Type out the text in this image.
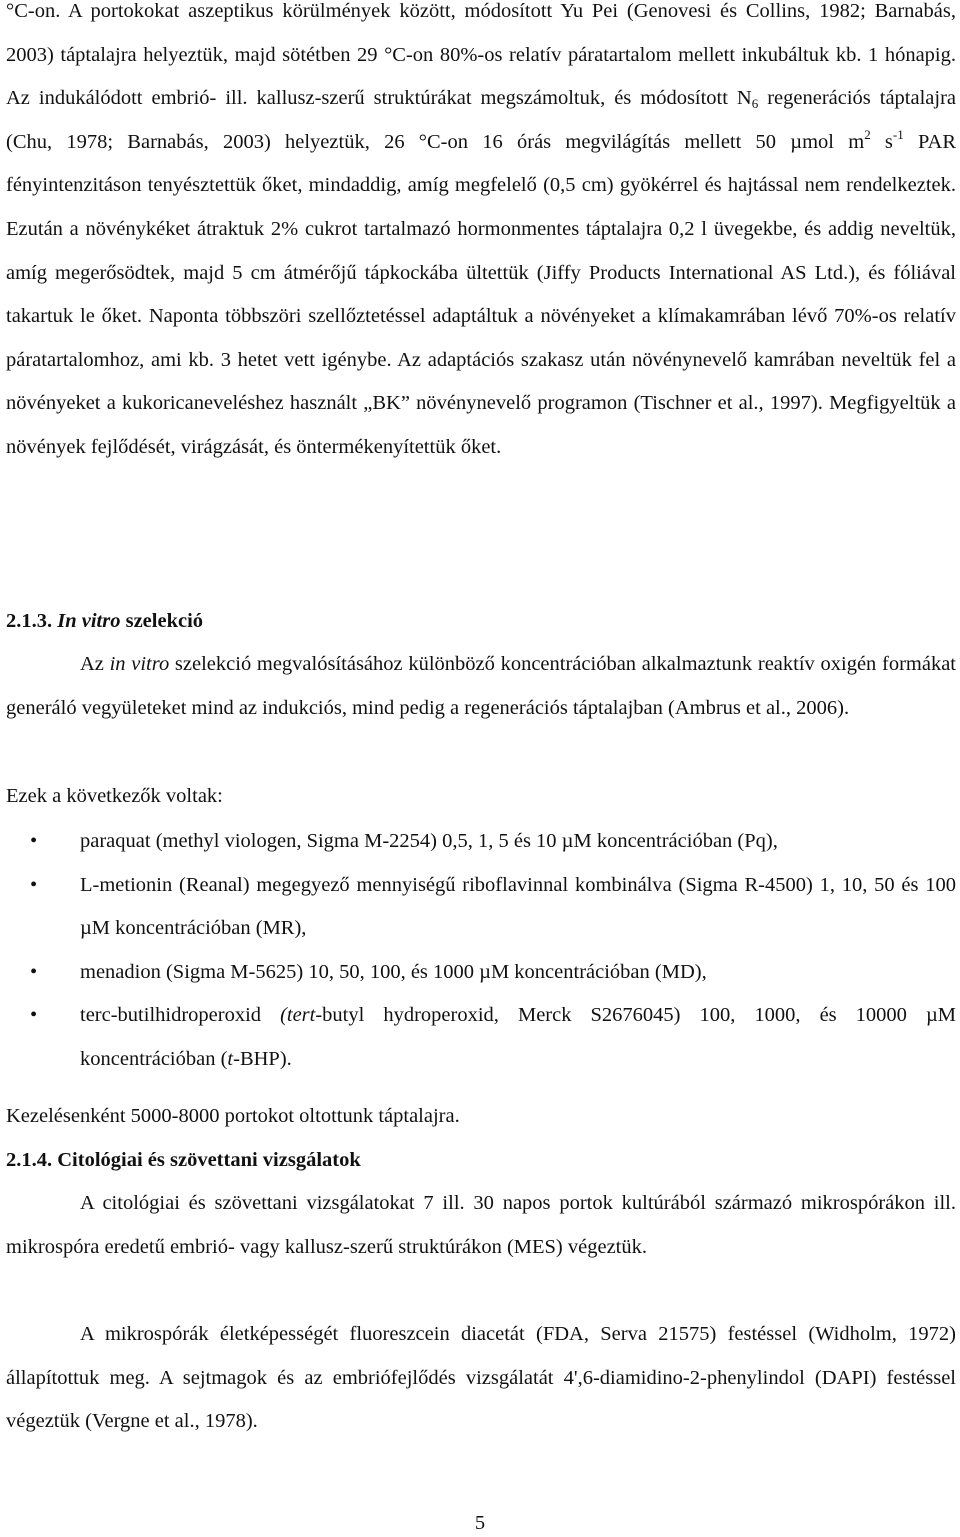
°C-on. A portokokat aszeptikus körülmények között, módosított Yu Pei (Genovesi és Collins, 1982; Barnabás, 2003) táptalajra helyeztük, majd sötétben 29 °C-on 80%-os relatív páratartalom mellett inkubáltuk kb. 1 hónapig. Az indukálódott embrió- ill. kallusz-szerű struktúrákat megszámoltuk, és módosított $N_6$ regenerációs táptalajra (Chu, 1978; Barnabás, 2003) helyeztük, 26 °C-on 16 órás megvilágítás mellett 50 µmol $m^2$ $s^{-1}$ PAR fényintenzitáson tenyésztettük őket, mindaddig, amíg megfelelő (0,5 cm) gyökérrel és hajtással nem rendelkeztek. Ezután a növénykéket átraktuk 2% cukrot tartalmazó hormonmentes táptalajra 0,2 l üvegekbe, és addig neveltük, amíg megerősödtek, majd 5 cm átmérőjű tápkockába ültettük (Jiffy Products International AS Ltd.), és fóliával takartuk le őket. Naponta többszöri szellőztetéssel adaptáltuk a növényeket a klímakamrában lévő 70%-os relatív páratartalomhoz, ami kb. 3 hetet vett igénybe. Az adaptációs szakasz után növénynevelő kamrában neveltük fel a növényeket a kukoricaneveléshez használt „BK” növénynevelő programon (Tischner et al., 1997). Megfigyeltük a növények fejlődését, virágzását, és öntermékenyítettük őket.

2.1.3. In vitro szelekció

Az in vitro szelekció megvalósításához különböző koncentrációban alkalmaztunk reaktív oxigén formákat generáló vegyületeket mind az indukciós, mind pedig a regenerációs táptalajban (Ambrus et al., 2006).

Ezek a következők voltak:

• paraquat (methyl viologen, Sigma M-2254) 0,5, 1, 5 és 10 µM koncentrációban (Pq),
• L-metionin (Reanal) megegyező mennyiségű riboflavinnal kombinálva (Sigma R-4500) 1, 10, 50 és 100 µM koncentrációban (MR),
• menadion (Sigma M-5625) 10, 50, 100, és 1000 µM koncentrációban (MD),
• terc-butilhidroperoxid (tert-butyl hydroperoxid, Merck S2676045) 100, 1000, és 10000 µM koncentrációban (t-BHP).

Kezelésenként 5000-8000 portokot oltottunk táptalajra.

2.1.4. Citológiai és szövettani vizsgálatok

A citológiai és szövettani vizsgálatokat 7 ill. 30 napos portok kultúrából származó mikrospórákon ill. mikrospóra eredetű embrió- vagy kallusz-szerű struktúrákon (MES) végeztük.

A mikrospórák életképességét fluoreszcein diacetát (FDA, Serva 21575) festéssel (Widholm, 1972) állapítottuk meg. A sejtmagok és az embriófejlődés vizsgálatát 4',6-diamidino-2-phenylindol (DAPI) festéssel végeztük (Vergne et al., 1978).

5
